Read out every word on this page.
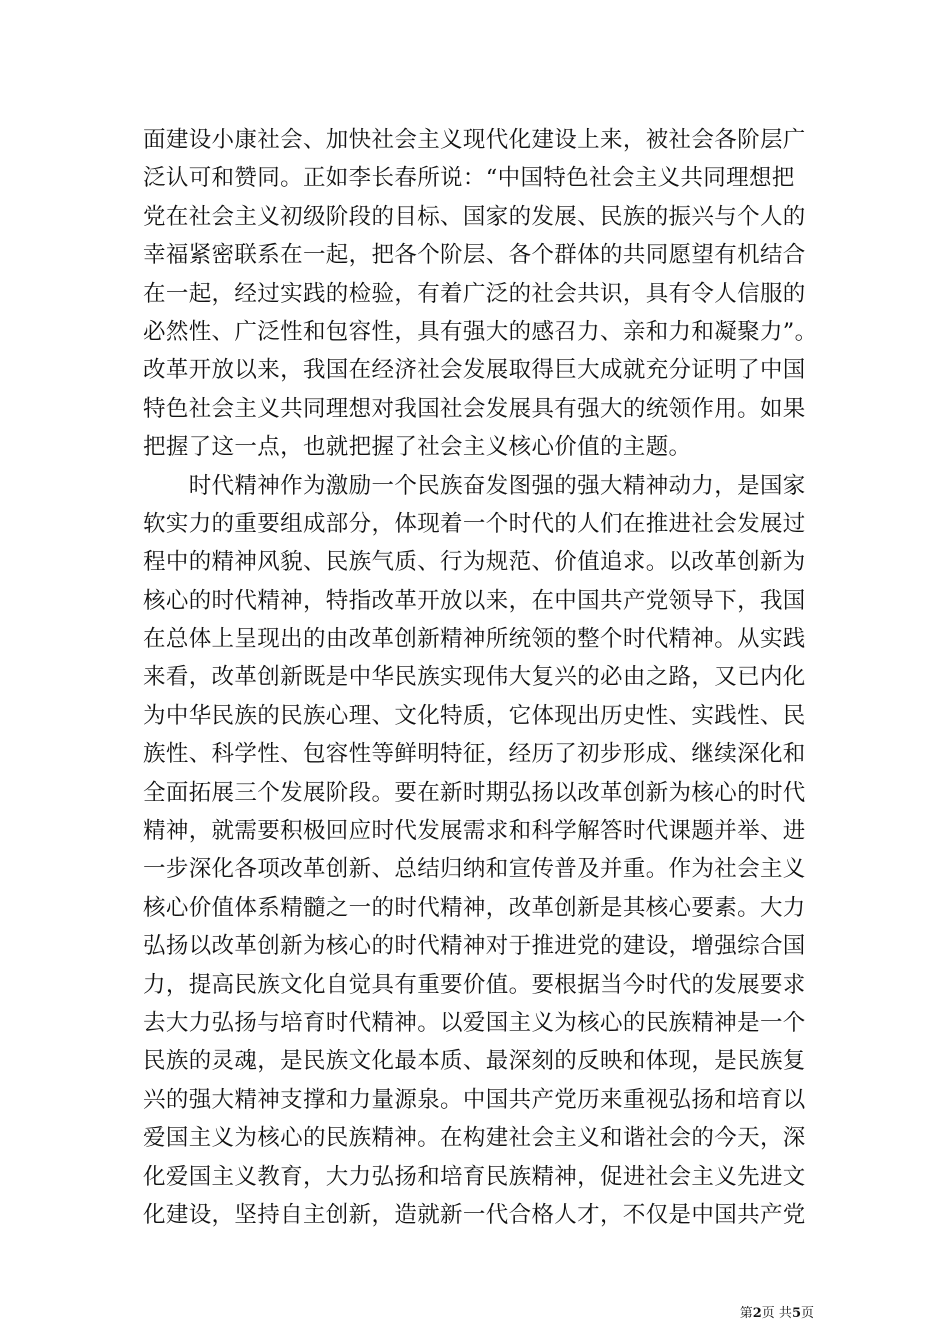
面建设小康社会、加快社会主义现代化建设上来，被社会各阶层广
泛认可和赞同。正如李长春所说：“中国特色社会主义共同理想把
党在社会主义初级阶段的目标、国家的发展、民族的振兴与个人的
幸福紧密联系在一起，把各个阶层、各个群体的共同愿望有机结合
在一起，经过实践的检验，有着广泛的社会共识，具有令人信服的
必然性、广泛性和包容性，具有强大的感召力、亲和力和凝聚力”。
改革开放以来，我国在经济社会发展取得巨大成就充分证明了中国
特色社会主义共同理想对我国社会发展具有强大的统领作用。如果
把握了这一点，也就把握了社会主义核心价值的主题。
　　时代精神作为激励一个民族奋发图强的强大精神动力，是国家
软实力的重要组成部分，体现着一个时代的人们在推进社会发展过
程中的精神风貌、民族气质、行为规范、价值追求。以改革创新为
核心的时代精神，特指改革开放以来，在中国共产党领导下，我国
在总体上呈现出的由改革创新精神所统领的整个时代精神。从实践
来看，改革创新既是中华民族实现伟大复兴的必由之路，又已内化
为中华民族的民族心理、文化特质，它体现出历史性、实践性、民
族性、科学性、包容性等鲜明特征，经历了初步形成、继续深化和
全面拓展三个发展阶段。要在新时期弘扬以改革创新为核心的时代
精神，就需要积极回应时代发展需求和科学解答时代课题并举、进
一步深化各项改革创新、总结归纳和宣传普及并重。作为社会主义
核心价值体系精髓之一的时代精神，改革创新是其核心要素。大力
弘扬以改革创新为核心的时代精神对于推进党的建设，增强综合国
力，提高民族文化自觉具有重要价值。要根据当今时代的发展要求
去大力弘扬与培育时代精神。以爱国主义为核心的民族精神是一个
民族的灵魂，是民族文化最本质、最深刻的反映和体现，是民族复
兴的强大精神支撑和力量源泉。中国共产党历来重视弘扬和培育以
爱国主义为核心的民族精神。在构建社会主义和谐社会的今天，深
化爱国主义教育，大力弘扬和培育民族精神，促进社会主义先进文
化建设，坚持自主创新，造就新一代合格人才，不仅是中国共产党
第2页 共5页
